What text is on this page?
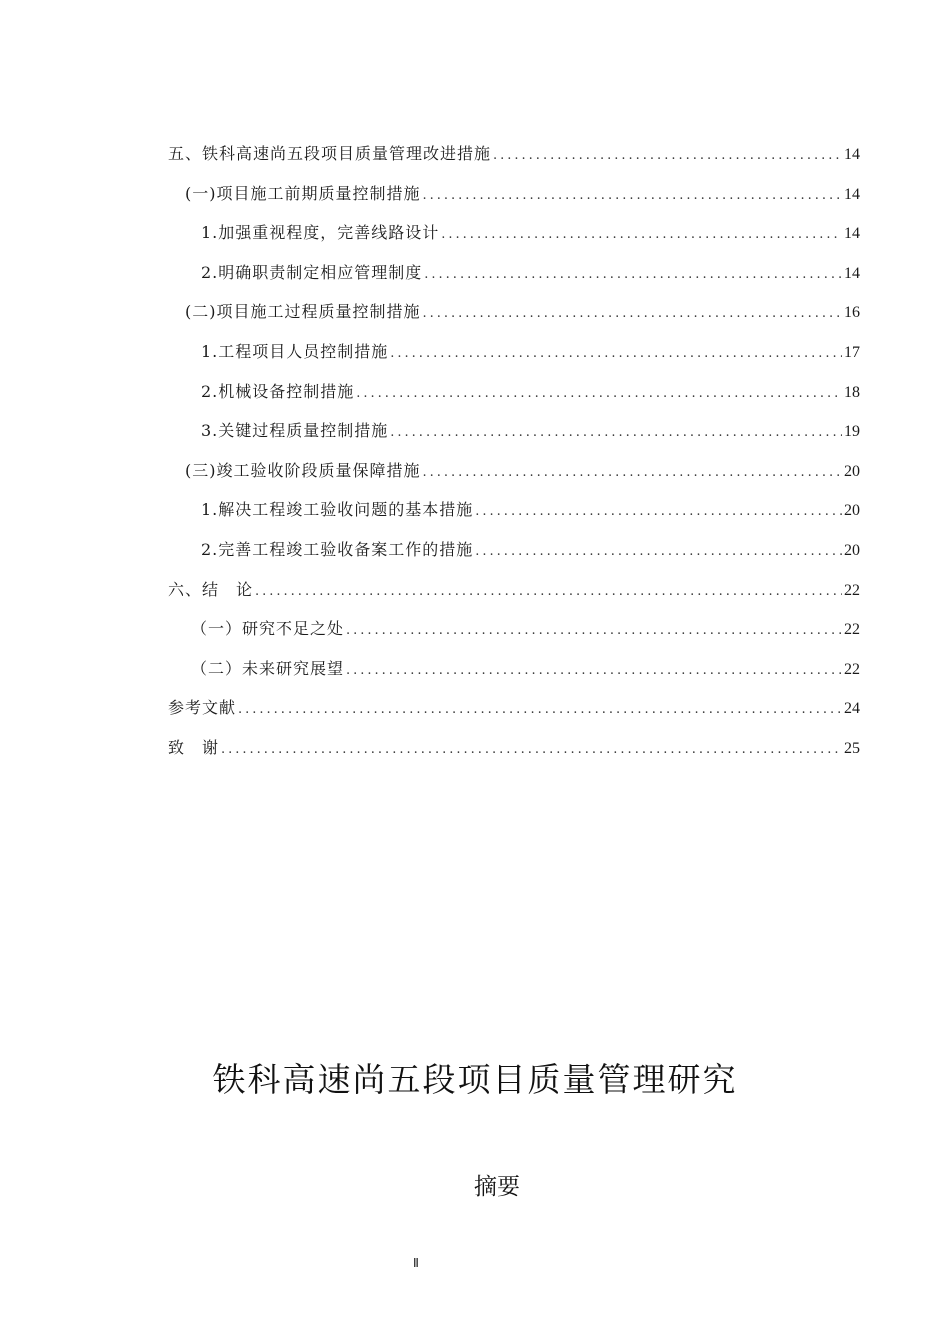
五、铁科高速尚五段项目质量管理改进措施 .....	14
(一)项目施工前期质量控制措施 .....	14
1.加强重视程度，完善线路设计 .....	14
2.明确职责制定相应管理制度 .....	14
(二)项目施工过程质量控制措施 .....	16
1.工程项目人员控制措施 .....	17
2.机械设备控制措施 .....	18
3.关键过程质量控制措施 .....	19
(三)竣工验收阶段质量保障措施 .....	20
1.解决工程竣工验收问题的基本措施 .....	20
2.完善工程竣工验收备案工作的措施 .....	20
六、结　论 .....	22
（一）研究不足之处 .....	22
（二）未来研究展望 .....	22
参考文献 .....	24
致　谢 .....	25
铁科高速尚五段项目质量管理研究
摘要
Ⅱ
